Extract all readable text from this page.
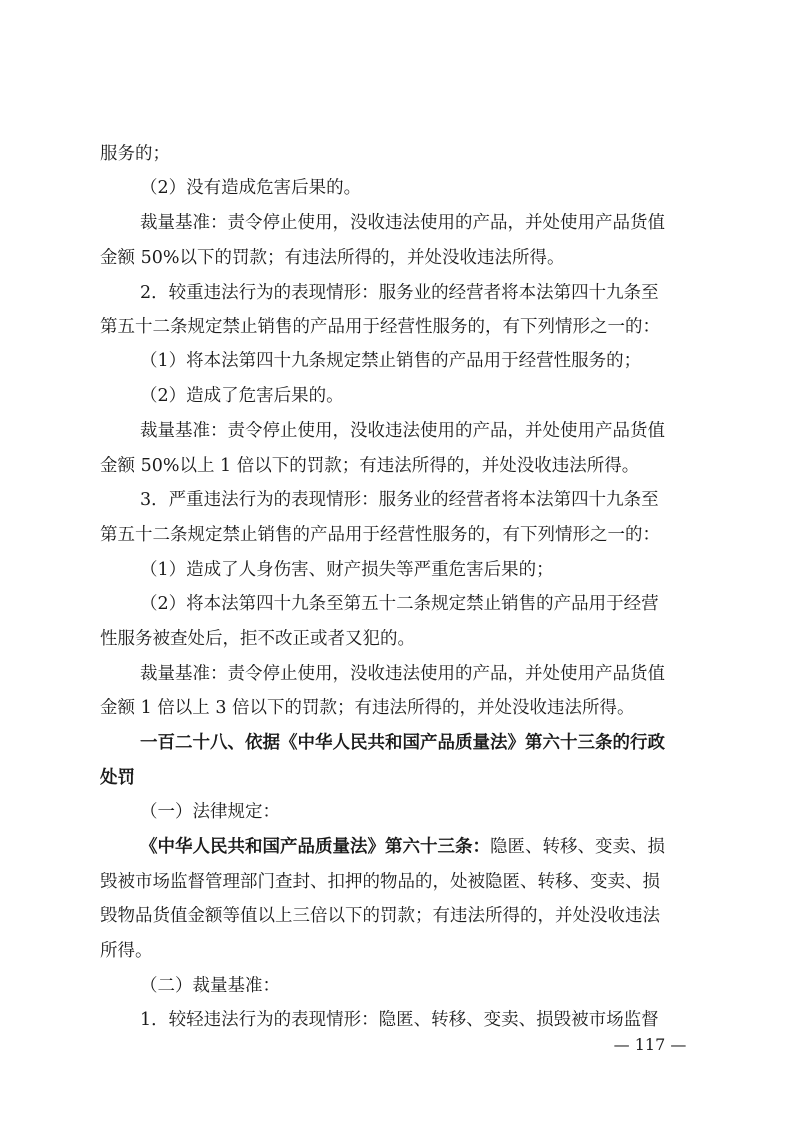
服务的；
（2）没有造成危害后果的。
裁量基准：责令停止使用，没收违法使用的产品，并处使用产品货值
金额 50%以下的罚款；有违法所得的，并处没收违法所得。
2．较重违法行为的表现情形：服务业的经营者将本法第四十九条至
第五十二条规定禁止销售的产品用于经营性服务的，有下列情形之一的：
（1）将本法第四十九条规定禁止销售的产品用于经营性服务的；
（2）造成了危害后果的。
裁量基准：责令停止使用，没收违法使用的产品，并处使用产品货值
金额 50%以上 1 倍以下的罚款；有违法所得的，并处没收违法所得。
3．严重违法行为的表现情形：服务业的经营者将本法第四十九条至
第五十二条规定禁止销售的产品用于经营性服务的，有下列情形之一的：
（1）造成了人身伤害、财产损失等严重危害后果的；
（2）将本法第四十九条至第五十二条规定禁止销售的产品用于经营
性服务被查处后，拒不改正或者又犯的。
裁量基准：责令停止使用，没收违法使用的产品，并处使用产品货值
金额 1 倍以上 3 倍以下的罚款；有违法所得的，并处没收违法所得。
一百二十八、依据《中华人民共和国产品质量法》第六十三条的行政
处罚
（一）法律规定：
《中华人民共和国产品质量法》第六十三条：隐匿、转移、变卖、损
毁被市场监督管理部门查封、扣押的物品的，处被隐匿、转移、变卖、损
毁物品货值金额等值以上三倍以下的罚款；有违法所得的，并处没收违法
所得。
（二）裁量基准：
1．较轻违法行为的表现情形：隐匿、转移、变卖、损毁被市场监督
— 117 —
